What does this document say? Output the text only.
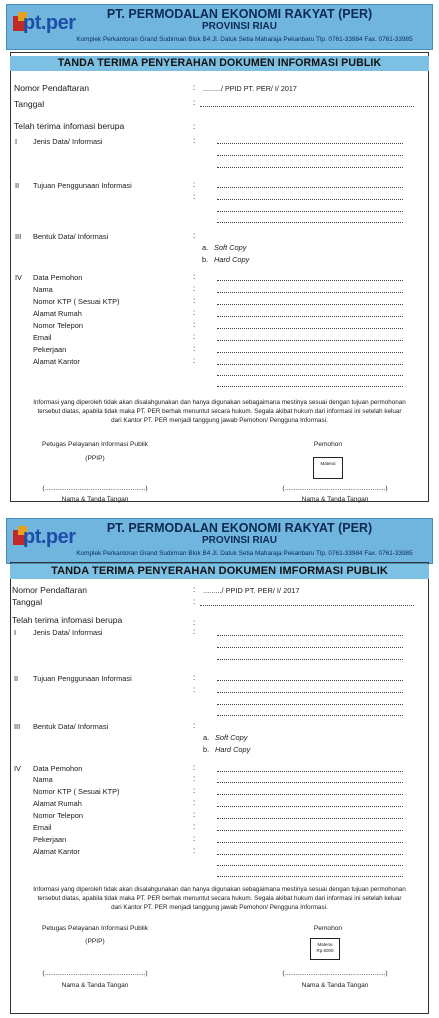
pt.per	PT. PERMODALAN EKONOMI RAKYAT (PER)
PROVINSI RIAU
Komplek Perkantoran Grand Sudirman Blok B4 Jl. Datuk Setia Maharaja Pekanbaru Tlp. 0761-33984 Fax. 0761-33985
TANDA TERIMA PENYERAHAN DOKUMEN INFORMASI PUBLIK
Nomor Pendaftaran	: ........./ PPID PT. PER/ I/ 2017
Tanggal	:
Telah terima infomasi berupa	:
I Jenis Data/ Informasi	:
II Tujuan Penggunaan Informasi	:
:
III Bentuk Data/ Informasi	:
a. Soft Copy
b. Hard Copy
IV Data Pemohon	:
Nama	:
Nomor KTP ( Sesuai KTP)	:
Alamat Rumah	:
Nomor Telepon	:
Email	:
Pekerjaan	:
Alamat Kantor	:
Informasi yang diperoleh tidak akan disalahgunakan dan hanya digunakan sebagaimana mestinya sesuai dengan tujuan permohonan
tersebut diatas, apabila tidak maka PT. PER berhak menuntut secara hukum. Segala akibat hukum dari informasi ini setelah keluar
dari Kantor PT. PER menjadi tanggung jawab Pemohon/ Pengguna Informasi.
Petugas Pelayanan Informasi Publik
(PPIP)
Pemohon
Materai
(.......................................................)	(.......................................................)
Nama & Tanda Tangan	Nama & Tanda Tangan
pt.per	PT. PERMODALAN EKONOMI RAKYAT (PER)
PROVINSI RIAU
Komplek Perkantoran Grand Sudirman Blok B4 Jl. Datuk Setia Maharaja Pekanbaru Tlp. 0761-33984 Fax. 0761-33985
TANDA TERIMA PENYERAHAN DOKUMEN IMFORMASI PUBLIK
Nomor Pendaftaran	: ........./ PPID PT. PER/ I/ 2017
Tanggal	:
Telah terima infomasi berupa	:
I Jenis Data/ Informasi	:
II Tujuan Penggunaan Informasi	:
:
III Bentuk Data/ Informasi	:
a. Soft Copy
b. Hard Copy
IV Data Pemohon	:
Nama	:
Nomor KTP ( Sesuai KTP)	:
Alamat Rumah	:
Nomor Telepon	:
Email	:
Pekerjaan	:
Alamat Kantor	:
Informasi yang diperoleh tidak akan disalahgunakan dan hanya digunakan sebagaimana mestinya sesuai dengan tujuan permohonan
tersebut diatas, apabila tidak maka PT. PER berhak menuntut secara hukum. Segala akibat hukum dari informasi ini setelah keluar
dari Kantor PT. PER menjadi tanggung jawab Pemohon/ Pengguna Informasi.
Petugas Pelayanan Informasi Publik
(PPIP)
Pemohon
Materai
Rp.6000
(.......................................................)	(.......................................................)
Nama & Tanda Tangan	Nama & Tanda Tangan
